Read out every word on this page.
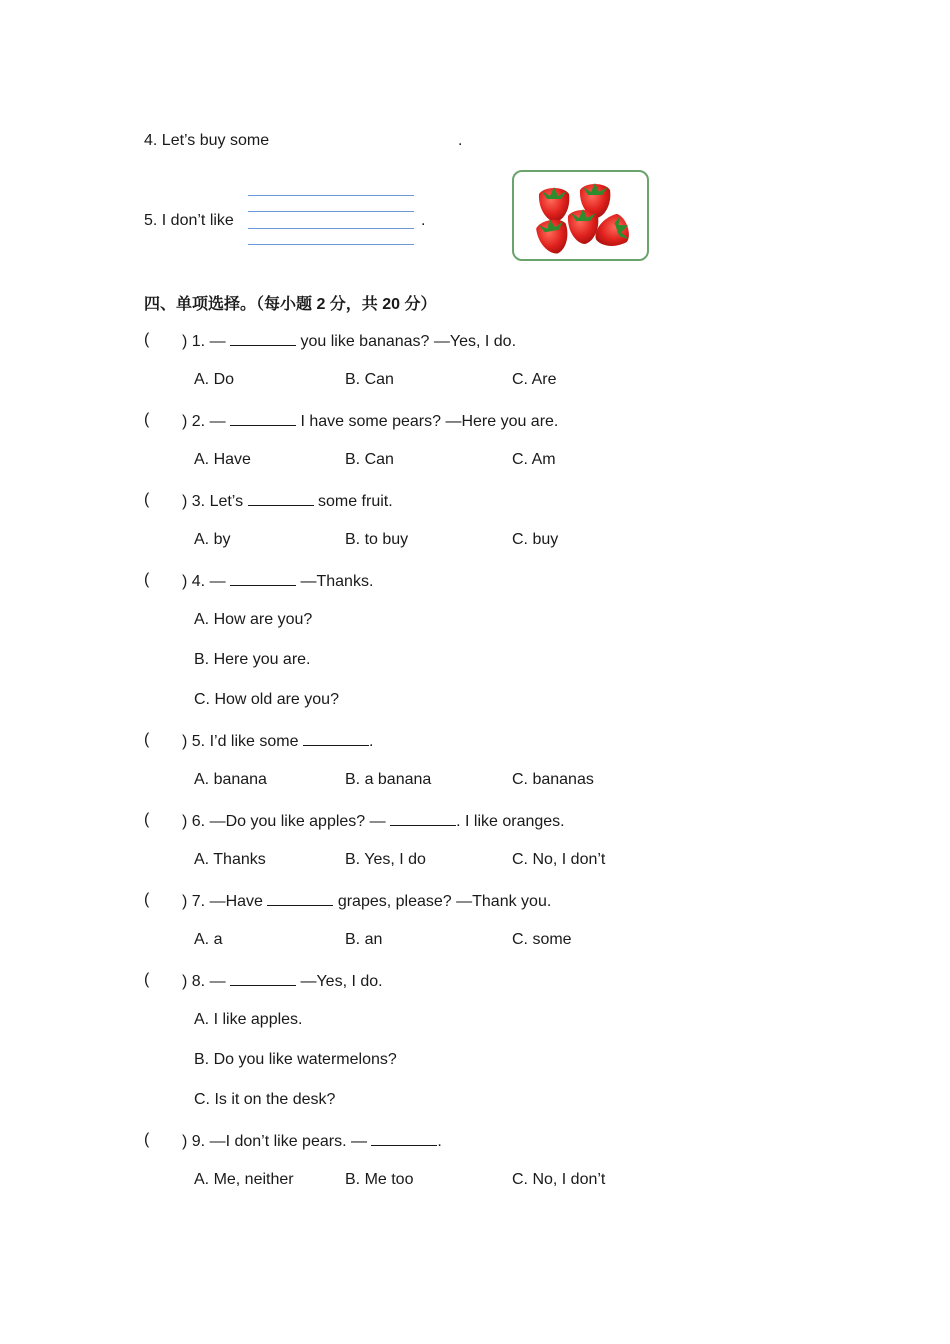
4. Let’s buy some	.
5. I don’t like	.
四、单项选择。（每小题 2 分，共 20 分）
( ) 1. —	you like bananas? —Yes, I do.
A. Do	B. Can	C. Are
( ) 2. —	I have some pears? —Here you are.
A. Have	B. Can	C. Am
( ) 3. Let’s	some fruit.
A. by	B. to buy	C. buy
( ) 4. —	—Thanks.
A. How are you?
B. Here you are.
C. How old are you?
( ) 5. I’d like some	.
A. banana	B. a banana	C. bananas
( ) 6. —Do you like apples? —	. I like oranges.
A. Thanks	B. Yes, I do	C. No, I don’t
( ) 7. —Have	grapes, please? —Thank you.
A. a	B. an	C. some
( ) 8. —	—Yes, I do.
A. I like apples.
B. Do you like watermelons?
C. Is it on the desk?
( ) 9. —I don’t like pears. —	.
A. Me, neither	B. Me too	C. No, I don’t
